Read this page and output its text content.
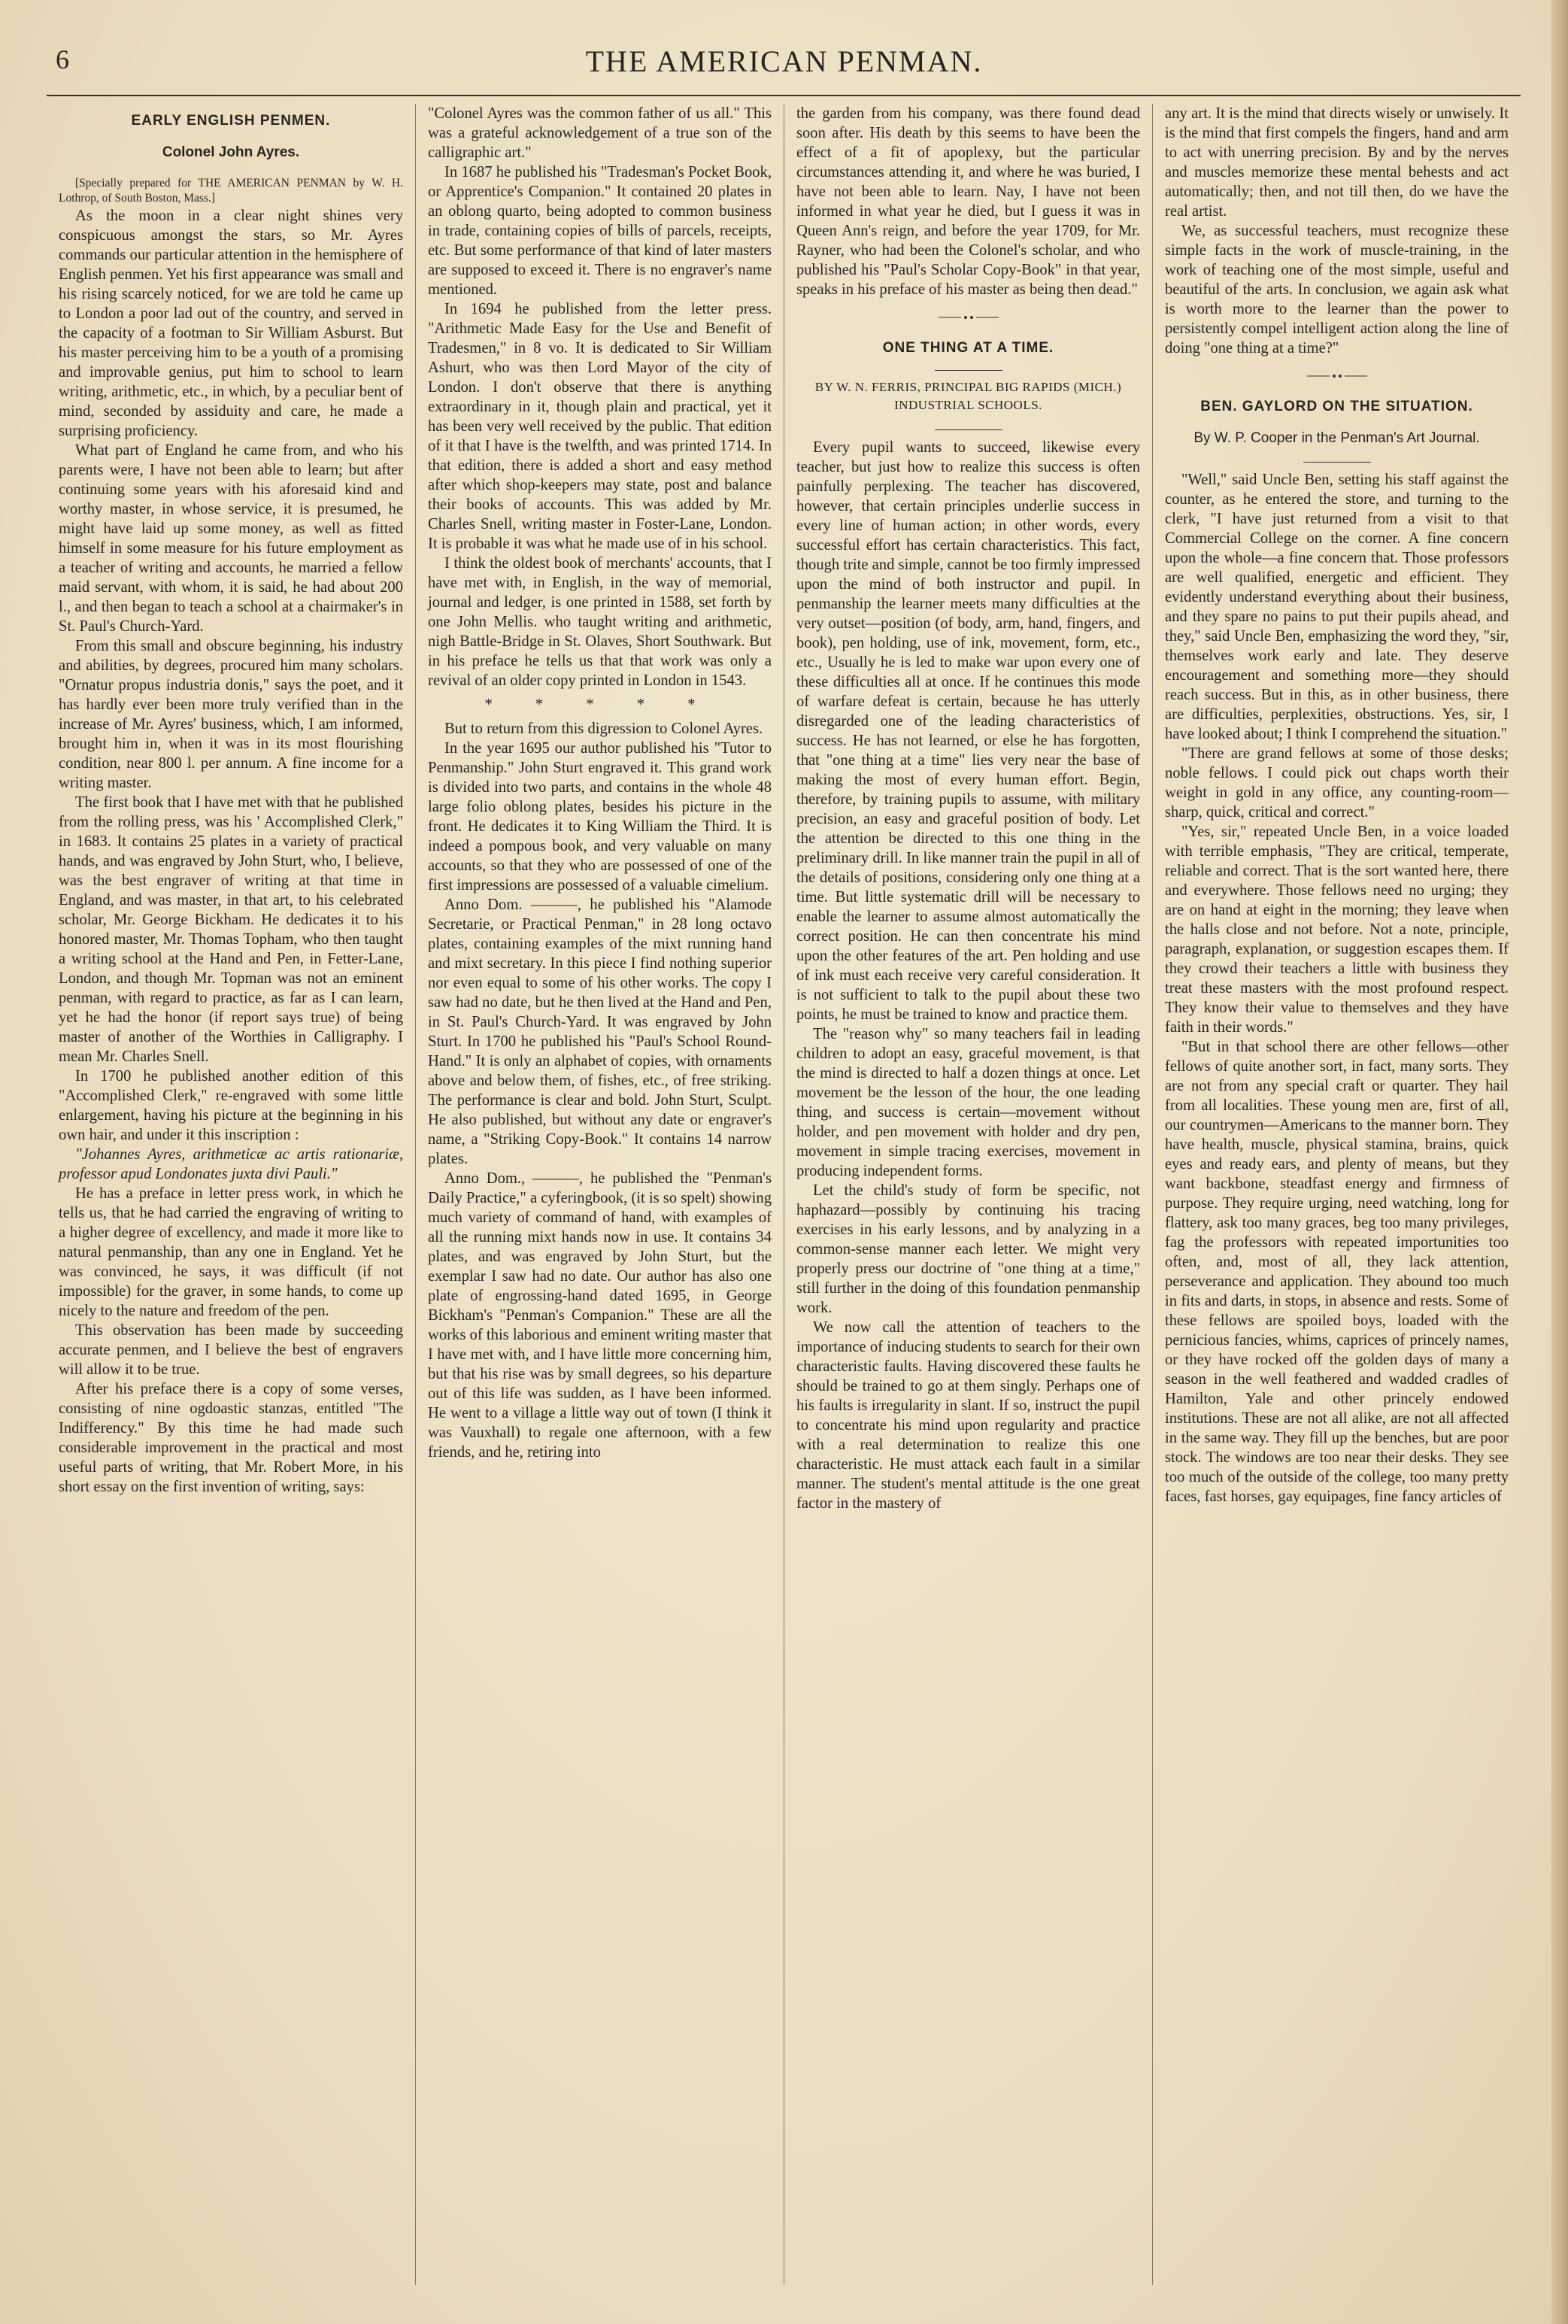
6	THE AMERICAN PENMAN.
EARLY ENGLISH PENMEN.
Colonel John Ayres.

[Specially prepared for THE AMERICAN PENMAN by W. H. Lothrop, of South Boston, Mass.]

As the moon in a clear night shines very conspicuous amongst the stars, so Mr. Ayres commands our particular attention in the hemisphere of English penmen. Yet his first appearance was small and his rising scarcely noticed, for we are told he came up to London a poor lad out of the country, and served in the capacity of a footman to Sir William Asburst. But his master perceiving him to be a youth of a promising and improvable genius, put him to school to learn writing, arithmetic, etc., in which, by a peculiar bent of mind, seconded by assiduity and care, he made a surprising proficiency.

What part of England he came from, and who his parents were, I have not been able to learn; but after continuing some years with his aforesaid kind and worthy master, in whose service, it is presumed, he might have laid up some money, as well as fitted himself in some measure for his future employment as a teacher of writing and accounts, he married a fellow maid servant, with whom, it is said, he had about 200 l., and then began to teach a school at a chairmaker's in St. Paul's Church-Yard.

From this small and obscure beginning, his industry and abilities, by degrees, procured him many scholars. "Ornatur propus industria donis," says the poet, and it has hardly ever been more truly verified than in the increase of Mr. Ayres' business, which, I am informed, brought him in, when it was in its most flourishing condition, near 800 l. per annum. A fine income for a writing master.

The first book that I have met with that he published from the rolling press, was his ' Accomplished Clerk," in 1683. It contains 25 plates in a variety of practical hands, and was engraved by John Sturt, who, I believe, was the best engraver of writing at that time in England, and was master, in that art, to his celebrated scholar, Mr. George Bickham. He dedicates it to his honored master, Mr. Thomas Topham, who then taught a writing school at the Hand and Pen, in Fetter-Lane, London, and though Mr. Topman was not an eminent penman, with regard to practice, as far as I can learn, yet he had the honor (if report says true) of being master of another of the Worthies in Calligraphy. I mean Mr. Charles Snell.

In 1700 he published another edition of this "Accomplished Clerk," re-engraved with some little enlargement, having his picture at the beginning in his own hair, and under it this inscription :

"Johannes Ayres, arithmeticæ ac artis rationariæ, professor apud Londonates juxta divi Pauli."

He has a preface in letter press work, in which he tells us, that he had carried the engraving of writing to a higher degree of excellency, and made it more like to natural penmanship, than any one in England. Yet he was convinced, he says, it was difficult (if not impossible) for the graver, in some hands, to come up nicely to the nature and freedom of the pen.

This observation has been made by succeeding accurate penmen, and I believe the best of engravers will allow it to be true.

After his preface there is a copy of some verses, consisting of nine ogdoastic stanzas, entitled "The Indifferency." By this time he had made such considerable improvement in the practical and most useful parts of writing, that Mr. Robert More, in his short essay on the first invention of writing, says:

"Colonel Ayres was the common father of us all." This was a grateful acknowledgement of a true son of the calligraphic art."

In 1687 he published his "Tradesman's Pocket Book, or Apprentice's Companion." It contained 20 plates in an oblong quarto, being adopted to common business in trade, containing copies of bills of parcels, receipts, etc. But some performance of that kind of later masters are supposed to exceed it. There is no engraver's name mentioned.

In 1694 he published from the letter press. "Arithmetic Made Easy for the Use and Benefit of Tradesmen," in 8 vo. It is dedicated to Sir William Ashurt, who was then Lord Mayor of the city of London. I don't observe that there is anything extraordinary in it, though plain and practical, yet it has been very well received by the public. That edition of it that I have is the twelfth, and was printed 1714. In that edition, there is added a short and easy method after which shop-keepers may state, post and balance their books of accounts. This was added by Mr. Charles Snell, writing master in Foster-Lane, London. It is probable it was what he made use of in his school.

I think the oldest book of merchants' accounts, that I have met with, in English, in the way of memorial, journal and ledger, is one printed in 1588, set forth by one John Mellis. who taught writing and arithmetic, nigh Battle-Bridge in St. Olaves, Short Southwark. But in his preface he tells us that that work was only a revival of an older copy printed in London in 1543.

* * * * *

But to return from this digression to Colonel Ayres.

In the year 1695 our author published his "Tutor to Penmanship." John Sturt engraved it. This grand work is divided into two parts, and contains in the whole 48 large folio oblong plates, besides his picture in the front. He dedicates it to King William the Third. It is indeed a pompous book, and very valuable on many accounts, so that they who are possessed of one of the first impressions are possessed of a valuable cimelium.

Anno Dom. ———, he published his "Alamode Secretarie, or Practical Penman," in 28 long octavo plates, containing examples of the mixt running hand and mixt secretary. In this piece I find nothing superior nor even equal to some of his other works. The copy I saw had no date, but he then lived at the Hand and Pen, in St. Paul's Church-Yard. It was engraved by John Sturt. In 1700 he published his "Paul's School Round-Hand." It is only an alphabet of copies, with ornaments above and below them, of fishes, etc., of free striking. The performance is clear and bold. John Sturt, Sculpt. He also published, but without any date or engraver's name, a "Striking Copy-Book." It contains 14 narrow plates.

Anno Dom., ———, he published the "Penman's Daily Practice," a cyferingbook, (it is so spelt) showing much variety of command of hand, with examples of all the running mixt hands now in use. It contains 34 plates, and was engraved by John Sturt, but the exemplar I saw had no date. Our author has also one plate of engrossing-hand dated 1695, in George Bickham's "Penman's Companion." These are all the works of this laborious and eminent writing master that I have met with, and I have little more concerning him, but that his rise was by small degrees, so his departure out of this life was sudden, as I have been informed. He went to a village a little way out of town (I think it was Vauxhall) to regale one afternoon, with a few friends, and he, retiring into

the garden from his company, was there found dead soon after. His death by this seems to have been the effect of a fit of apoplexy, but the particular circumstances attending it, and where he was buried, I have not been able to learn. Nay, I have not been informed in what year he died, but I guess it was in Queen Ann's reign, and before the year 1709, for Mr. Rayner, who had been the Colonel's scholar, and who published his "Paul's Scholar Copy-Book" in that year, speaks in his preface of his master as being then dead."

ONE THING AT A TIME.
BY W. N. FERRIS, PRINCIPAL BIG RAPIDS (MICH.) INDUSTRIAL SCHOOLS.

Every pupil wants to succeed, likewise every teacher, but just how to realize this success is often painfully perplexing. The teacher has discovered, however, that certain principles underlie success in every line of human action; in other words, every successful effort has certain characteristics. This fact, though trite and simple, cannot be too firmly impressed upon the mind of both instructor and pupil. In penmanship the learner meets many difficulties at the very outset—position (of body, arm, hand, fingers, and book), pen holding, use of ink, movement, form, etc., etc., Usually he is led to make war upon every one of these difficulties all at once. If he continues this mode of warfare defeat is certain, because he has utterly disregarded one of the leading characteristics of success. He has not learned, or else he has forgotten, that "one thing at a time" lies very near the base of making the most of every human effort. Begin, therefore, by training pupils to assume, with military precision, an easy and graceful position of body. Let the attention be directed to this one thing in the preliminary drill. In like manner train the pupil in all of the details of positions, considering only one thing at a time. But little systematic drill will be necessary to enable the learner to assume almost automatically the correct position. He can then concentrate his mind upon the other features of the art. Pen holding and use of ink must each receive very careful consideration. It is not sufficient to talk to the pupil about these two points, he must be trained to know and practice them.

The "reason why" so many teachers fail in leading children to adopt an easy, graceful movement, is that the mind is directed to half a dozen things at once. Let movement be the lesson of the hour, the one leading thing, and success is certain—movement without holder, and pen movement with holder and dry pen, movement in simple tracing exercises, movement in producing independent forms.

Let the child's study of form be specific, not haphazard—possibly by continuing his tracing exercises in his early lessons, and by analyzing in a common-sense manner each letter. We might very properly press our doctrine of "one thing at a time," still further in the doing of this foundation penmanship work.

We now call the attention of teachers to the importance of inducing students to search for their own characteristic faults. Having discovered these faults he should be trained to go at them singly. Perhaps one of his faults is irregularity in slant. If so, instruct the pupil to concentrate his mind upon regularity and practice with a real determination to realize this one characteristic. He must attack each fault in a similar manner. The student's mental attitude is the one great factor in the mastery of

any art. It is the mind that directs wisely or unwisely. It is the mind that first compels the fingers, hand and arm to act with unerring precision. By and by the nerves and muscles memorize these mental behests and act automatically; then, and not till then, do we have the real artist.

We, as successful teachers, must recognize these simple facts in the work of muscle-training, in the work of teaching one of the most simple, useful and beautiful of the arts. In conclusion, we again ask what is worth more to the learner than the power to persistently compel intelligent action along the line of doing "one thing at a time?"

BEN. GAYLORD ON THE SITUATION.
By W. P. Cooper in the Penman's Art Journal.

"Well," said Uncle Ben, setting his staff against the counter, as he entered the store, and turning to the clerk, "I have just returned from a visit to that Commercial College on the corner. A fine concern upon the whole—a fine concern that. Those professors are well qualified, energetic and efficient. They evidently understand everything about their business, and they spare no pains to put their pupils ahead, and they," said Uncle Ben, emphasizing the word they, "sir, themselves work early and late. They deserve encouragement and something more—they should reach success. But in this, as in other business, there are difficulties, perplexities, obstructions. Yes, sir, I have looked about; I think I comprehend the situation."

"There are grand fellows at some of those desks; noble fellows. I could pick out chaps worth their weight in gold in any office, any counting-room—sharp, quick, critical and correct."

"Yes, sir," repeated Uncle Ben, in a voice loaded with terrible emphasis, "They are critical, temperate, reliable and correct. That is the sort wanted here, there and everywhere. Those fellows need no urging; they are on hand at eight in the morning; they leave when the halls close and not before. Not a note, principle, paragraph, explanation, or suggestion escapes them. If they crowd their teachers a little with business they treat these masters with the most profound respect. They know their value to themselves and they have faith in their words."

"But in that school there are other fellows—other fellows of quite another sort, in fact, many sorts. They are not from any special craft or quarter. They hail from all localities. These young men are, first of all, our countrymen—Americans to the manner born. They have health, muscle, physical stamina, brains, quick eyes and ready ears, and plenty of means, but they want backbone, steadfast energy and firmness of purpose. They require urging, need watching, long for flattery, ask too many graces, beg too many privileges, fag the professors with repeated importunities too often, and, most of all, they lack attention, perseverance and application. They abound too much in fits and darts, in stops, in absence and rests. Some of these fellows are spoiled boys, loaded with the pernicious fancies, whims, caprices of princely names, or they have rocked off the golden days of many a season in the well feathered and wadded cradles of Hamilton, Yale and other princely endowed institutions. These are not all alike, are not all affected in the same way. They fill up the benches, but are poor stock. The windows are too near their desks. They see too much of the outside of the college, too many pretty faces, fast horses, gay equipages, fine fancy articles of
